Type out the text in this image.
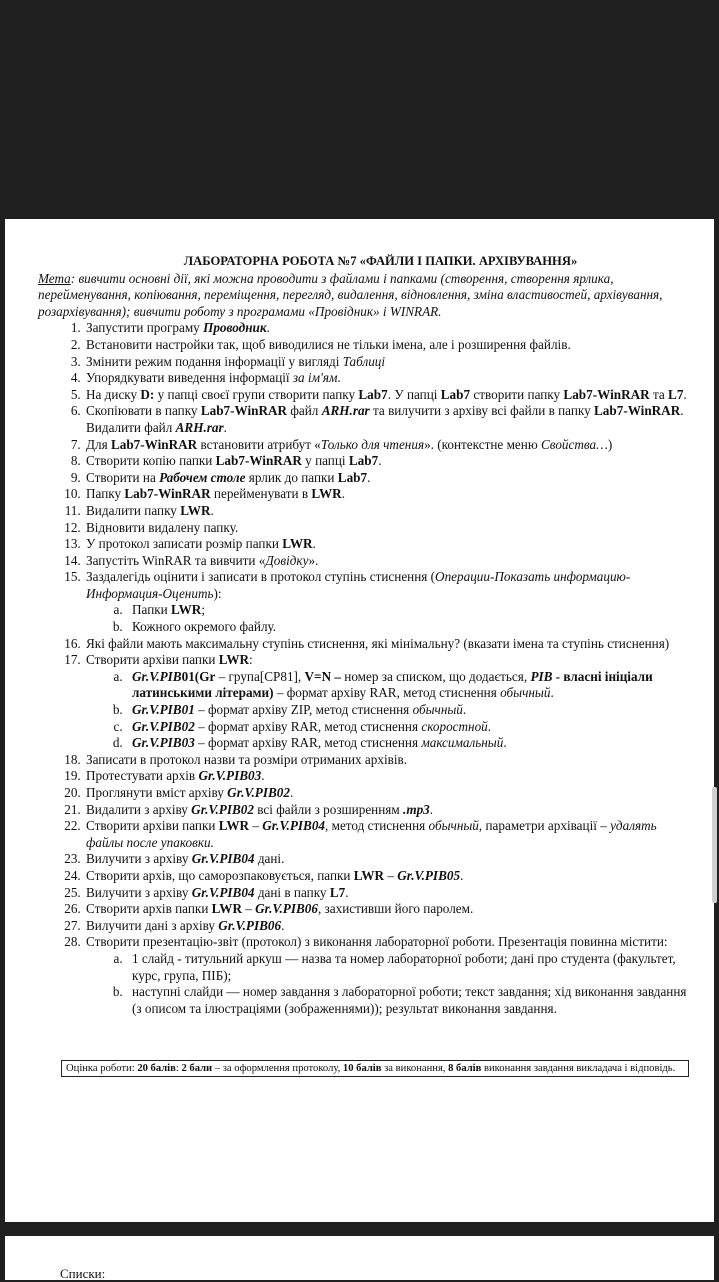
ЛАБОРАТОРНА РОБОТА №7 «ФАЙЛИ І ПАПКИ. АРХІВУВАННЯ»
Мета: вивчити основні дії, які можна проводити з файлами і папками (створення, створення ярлика, перейменування, копіювання, переміщення, перегляд, видалення, відновлення, зміна властивостей, архівування, розархівування); вивчити роботу з програмами «Провідник» і WINRAR.
1. Запустити програму Проводник.
2. Встановити настройки так, щоб виводилися не тільки імена, але і розширення файлів.
3. Змінити режим подання інформації у вигляді Таблиці
4. Упорядкувати виведення інформації за ім'ям.
5. На диску D: у папці своєї групи створити папку Lab7. У папці Lab7 створити папку Lab7-WinRAR та L7.
6. Скопіювати в папку Lab7-WinRAR файл ARH.rar та вилучити з архіву всі файли в папку Lab7-WinRAR. Видалити файл ARH.rar.
7. Для Lab7-WinRAR встановити атрибут «Только для чтения». (контекстне меню Свойства…)
8. Створити копію папки Lab7-WinRAR у папці Lab7.
9. Створити на Рабочем столе ярлик до папки Lab7.
10. Папку Lab7-WinRAR перейменувати в LWR.
11. Видалити папку LWR.
12. Відновити видалену папку.
13. У протокол записати розмір папки LWR.
14. Запустіть WinRAR та вивчити «Довідку».
15. Заздалегідь оцінити і записати в протокол ступінь стиснення (Операции-Показать информацию-Информация-Оценить):
a. Папки LWR;
b. Кожного окремого файлу.
16. Які файли мають максимальну ступінь стиснення, які мінімальну? (вказати імена та ступінь стиснення)
17. Створити архіви папки LWR:
a. Gr.V.PIB01(Gr – група[CP81], V=N – номер за списком, що додається, PIB - власні ініціали латинськими літерами) – формат архіву RAR, метод стиснення обычный.
b. Gr.V.PIB01 – формат архіву ZIP, метод стиснення обычный.
c. Gr.V.PIB02 – формат архіву RAR, метод стиснення скоростной.
d. Gr.V.PIB03 – формат архіву RAR, метод стиснення максимальный.
18. Записати в протокол назви та розміри отриманих архівів.
19. Протестувати архів Gr.V.PIB03.
20. Проглянути вміст архіву Gr.V.PIB02.
21. Видалити з архіву Gr.V.PIB02 всі файли з розширенням .mp3.
22. Створити архіви папки LWR – Gr.V.PIB04, метод стиснення обычный, параметри архівації – удалять файлы после упаковки.
23. Вилучити з архіву Gr.V.PIB04 дані.
24. Створити архів, що саморозпаковується, папки LWR – Gr.V.PIB05.
25. Вилучити з архіву Gr.V.PIB04 дані в папку L7.
26. Створити архів папки LWR – Gr.V.PIB06, захистивши його паролем.
27. Вилучити дані з архіву Gr.V.PIB06.
28. Створити презентацію-звіт (протокол) з виконання лабораторної роботи. Презентація повинна містити:
a. 1 слайд - титульний аркуш — назва та номер лабораторної роботи; дані про студента (факультет, курс, група, ПІБ);
b. наступні слайди — номер завдання з лабораторної роботи; текст завдання; хід виконання завдання (з описом та ілюстраціями (зображеннями)); результат виконання завдання.
Оцінка роботи: 20 балів: 2 бали – за оформлення протоколу, 10 балів за виконання, 8 балів виконання завдання викладача і відповідь.
Списки:
